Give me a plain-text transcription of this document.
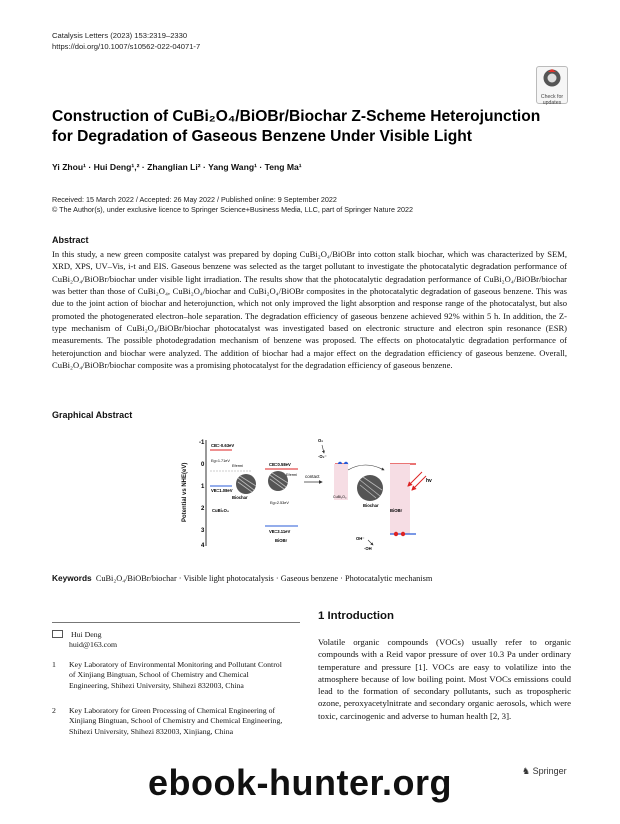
Catalysis Letters (2023) 153:2319–2330
https://doi.org/10.1007/s10562-022-04071-7
Check for updates
Construction of CuBi₂O₄/BiOBr/Biochar Z-Scheme Heterojunction
for Degradation of Gaseous Benzene Under Visible Light
Yi Zhou¹ · Hui Deng¹,² · Zhanglian Li² · Yang Wang¹ · Teng Ma¹
Received: 15 March 2022 / Accepted: 26 May 2022 / Published online: 9 September 2022
© The Author(s), under exclusive licence to Springer Science+Business Media, LLC, part of Springer Nature 2022
Abstract
In this study, a new green composite catalyst was prepared by doping CuBi₂O₄/BiOBr into cotton stalk biochar, which was characterized by SEM, XRD, XPS, UV–Vis, i-t and EIS. Gaseous benzene was selected as the target pollutant to investigate the photocatalytic degradation performance of CuBi₂O₄/BiOBr/biochar under visible light irradiation. The results show that the photocatalytic degradation performance of CuBi₂O₄/BiOBr/biochar was better than those of CuBi₂O₄, CuBi₂O₄/biochar and CuBi₂O₄/BiOBr composites in the photocatalytic degradation of gaseous benzene. This was due to the joint action of biochar and heterojunction, which not only improved the light absorption and response range of the photocatalyst, but also promoted the photogenerated electron–hole separation. The degradation efficiency of gaseous benzene achieved 92% within 5 h. In addition, the Z-type mechanism of CuBi₂O₄/BiOBr/biochar photocatalyst was investigated based on electronic structure and electron spin resonance (ESR) measurements. The possible photodegradation mechanism of benzene was proposed. The effects on photocatalytic degradation performance of heterojunction and biochar were analyzed. The addition of biochar had a major effect on the degradation efficiency of gaseous benzene. Overall, CuBi₂O₄/BiOBr/biochar composite was a promising photocatalyst for the degradation efficiency of gaseous benzene.
Graphical Abstract
Potential vs NHE(eV)
-1
0
1
2
3
4
CB=-0.63eV
Eg=1.71eV
Efermi
VB=1.08eV
Biochar
CuBi₂O₄
CB=0.58eV
Efermi
Eg=2.53eV
VB=3.11eV
BiOBr
contact
O₂
·O₂⁻
CuBi₂O₄
Biochar
BiOBr
hv
OH⁻
·OH
Keywords CuBi₂O₄/BiOBr/biochar · Visible light photocatalysis · Gaseous benzene · Photocatalytic mechanism
Hui Deng
huid@163.com
1 Key Laboratory of Environmental Monitoring and Pollutant Control of Xinjiang Bingtuan, School of Chemistry and Chemical Engineering, Shihezi University, Shihezi 832003, China
2 Key Laboratory for Green Processing of Chemical Engineering of Xinjiang Bingtuan, School of Chemistry and Chemical Engineering, Shihezi University, Shihezi 832003, Xinjiang, China
1 Introduction
Volatile organic compounds (VOCs) usually refer to organic compounds with a Reid vapor pressure of over 10.3 Pa under ordinary temperature and pressure [1]. VOCs are easy to volatilize into the atmosphere because of low boiling point. Most VOCs emissions could lead to the formation of secondary pollutants, such as tropospheric ozone, peroxyacetylnitrate and secondary organic aerosols, which were toxic, carcinogenic and adverse to human health [2, 3].
♞ Springer
ebook-hunter.org
